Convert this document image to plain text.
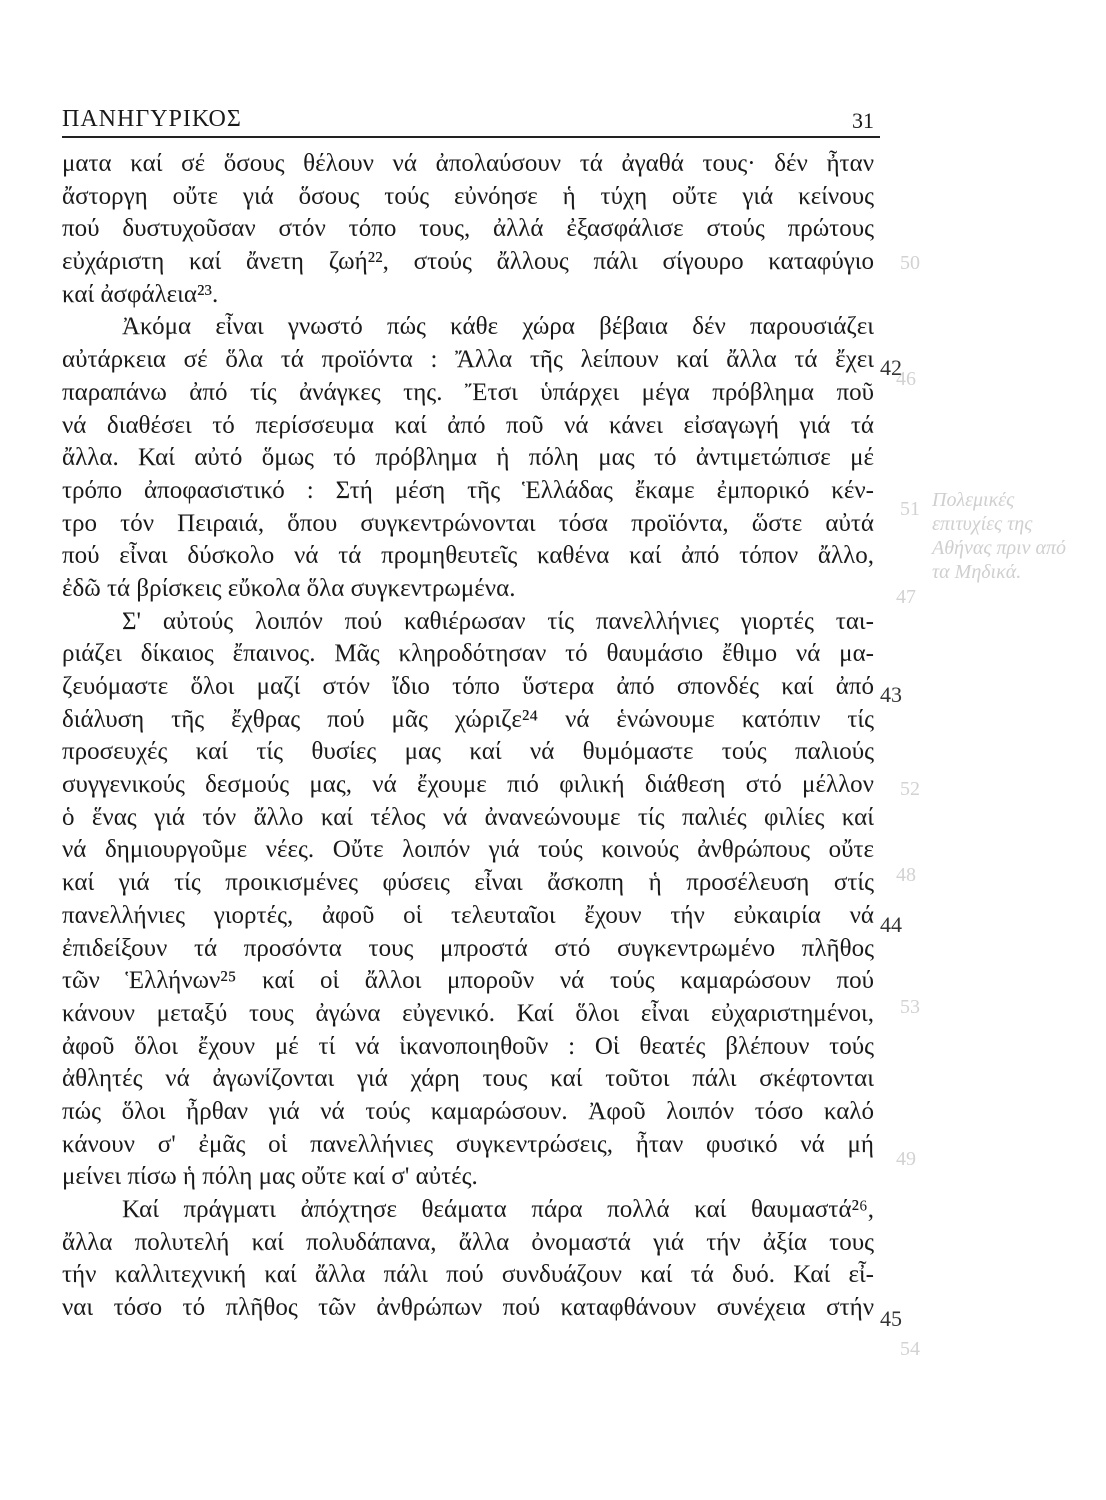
Πολεμικές επιτυχίες της Αθήνας πριν από τα Μηδικά.
50
51
46
47
52
48
53
49
54
ΠΑΝΗΓΥΡΙΚΟΣ	31
ματα καί σέ ὅσους θέλουν νά ἀπολαύσουν τά ἀγαθά τους· δέν ἦταν
ἄστοργη οὔτε γιά ὅσους τούς εὐνόησε ἡ τύχη οὔτε γιά κείνους
πού δυστυχοῦσαν στόν τόπο τους, ἀλλά ἐξασφάλισε στούς πρώτους
εὐχάριστη καί ἄνετη ζωή²², στούς ἄλλους πάλι σίγουρο καταφύγιο
καί ἀσφάλεια²³.
Ἀκόμα εἶναι γνωστό πώς κάθε χώρα βέβαια δέν παρουσιάζει
αὐτάρκεια σέ ὅλα τά προϊόντα : Ἄλλα τῆς λείπουν καί ἄλλα τά ἔχει
παραπάνω ἀπό τίς ἀνάγκες της. Ἔτσι ὑπάρχει μέγα πρόβλημα ποῦ
νά διαθέσει τό περίσσευμα καί ἀπό ποῦ νά κάνει εἰσαγωγή γιά τά
ἄλλα. Καί αὐτό ὅμως τό πρόβλημα ἡ πόλη μας τό ἀντιμετώπισε μέ
τρόπο ἀποφασιστικό : Στή μέση τῆς Ἑλλάδας ἔκαμε ἐμπορικό κέν-
τρο τόν Πειραιά, ὅπου συγκεντρώνονται τόσα προϊόντα, ὥστε αὐτά
πού εἶναι δύσκολο νά τά προμηθευτεῖς καθένα καί ἀπό τόπον ἄλλο,
ἐδῶ τά βρίσκεις εὔκολα ὅλα συγκεντρωμένα.
Σ' αὐτούς λοιπόν πού καθιέρωσαν τίς πανελλήνιες γιορτές ται-
ριάζει δίκαιος ἔπαινος. Μᾶς κληροδότησαν τό θαυμάσιο ἔθιμο νά μα-
ζευόμαστε ὅλοι μαζί στόν ἴδιο τόπο ὕστερα ἀπό σπονδές καί ἀπό
διάλυση τῆς ἔχθρας πού μᾶς χώριζε²⁴ νά ἑνώνουμε κατόπιν τίς
προσευχές καί τίς θυσίες μας καί νά θυμόμαστε τούς παλιούς
συγγενικούς δεσμούς μας, νά ἔχουμε πιό φιλική διάθεση στό μέλλον
ὁ ἕνας γιά τόν ἄλλο καί τέλος νά ἀνανεώνουμε τίς παλιές φιλίες καί
νά δημιουργοῦμε νέες. Οὔτε λοιπόν γιά τούς κοινούς ἀνθρώπους οὔτε
καί γιά τίς προικισμένες φύσεις εἶναι ἄσκοπη ἡ προσέλευση στίς
πανελλήνιες γιορτές, ἀφοῦ οἱ τελευταῖοι ἔχουν τήν εὐκαιρία νά
ἐπιδείξουν τά προσόντα τους μπροστά στό συγκεντρωμένο πλῆθος
τῶν Ἑλλήνων²⁵ καί οἱ ἄλλοι μποροῦν νά τούς καμαρώσουν πού
κάνουν μεταξύ τους ἀγώνα εὐγενικό. Καί ὅλοι εἶναι εὐχαριστημένοι,
ἀφοῦ ὅλοι ἔχουν μέ τί νά ἱκανοποιηθοῦν : Οἱ θεατές βλέπουν τούς
ἀθλητές νά ἀγωνίζονται γιά χάρη τους καί τοῦτοι πάλι σκέφτονται
πώς ὅλοι ἦρθαν γιά νά τούς καμαρώσουν. Ἀφοῦ λοιπόν τόσο καλό
κάνουν σ' ἐμᾶς οἱ πανελλήνιες συγκεντρώσεις, ἦταν φυσικό νά μή
μείνει πίσω ἡ πόλη μας οὔτε καί σ' αὐτές.
Καί πράγματι ἀπόχτησε θεάματα πάρα πολλά καί θαυμαστά²⁶,
ἄλλα πολυτελή καί πολυδάπανα, ἄλλα ὀνομαστά γιά τήν ἀξία τους
τήν καλλιτεχνική καί ἄλλα πάλι πού συνδυάζουν καί τά δυό. Καί εἶ-
ναι τόσο τό πλῆθος τῶν ἀνθρώπων πού καταφθάνουν συνέχεια στήν
42
43
44
45
